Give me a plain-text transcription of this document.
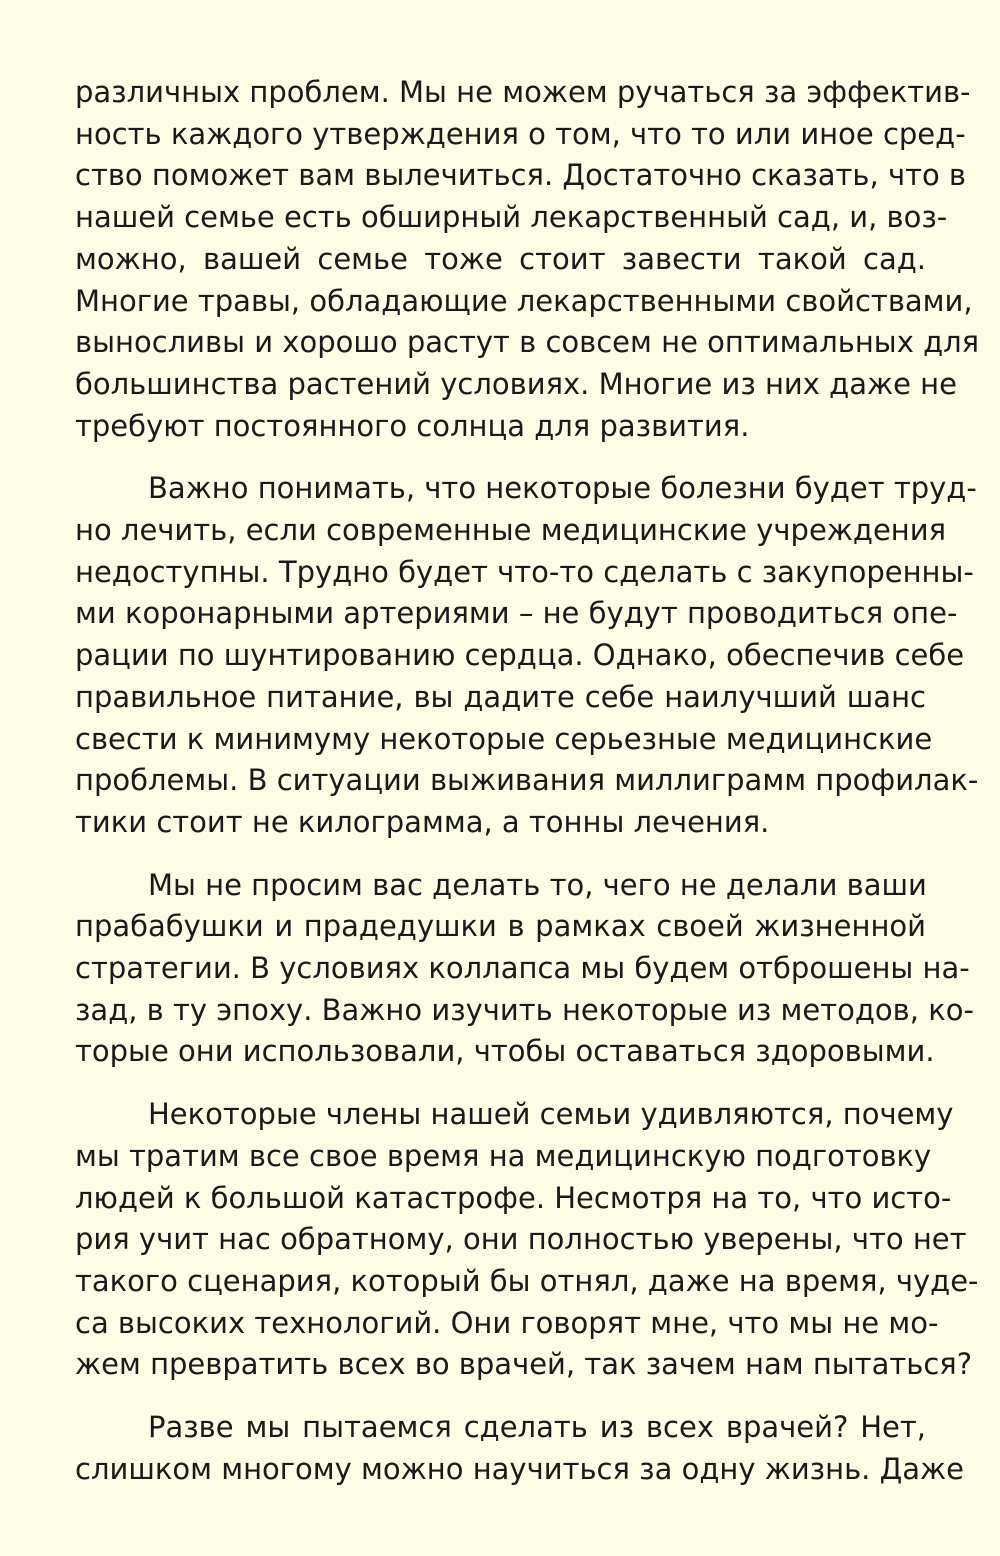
различных проблем. Мы не можем ручаться за эффектив-
ность каждого утверждения о том, что то или иное сред-
ство поможет вам вылечиться. Достаточно сказать, что в
нашей семье есть обширный лекарственный сад, и, воз-
можно, вашей семье тоже стоит завести такой сад.
Многие травы, обладающие лекарственными свойствами,
выносливы и хорошо растут в совсем не оптимальных для
большинства растений условиях. Многие из них даже не
требуют постоянного солнца для развития.
Важно понимать, что некоторые болезни будет труд-
но лечить, если современные медицинские учреждения
недоступны. Трудно будет что-то сделать с закупоренны-
ми коронарными артериями – не будут проводиться опе-
рации по шунтированию сердца. Однако, обеспечив себе
правильное питание, вы дадите себе наилучший шанс
свести к минимуму некоторые серьезные медицинские
проблемы. В ситуации выживания миллиграмм профилак-
тики стоит не килограмма, а тонны лечения.
Мы не просим вас делать то, чего не делали ваши
прабабушки и прадедушки в рамках своей жизненной
стратегии. В условиях коллапса мы будем отброшены на-
зад, в ту эпоху. Важно изучить некоторые из методов, ко-
торые они использовали, чтобы оставаться здоровыми.
Некоторые члены нашей семьи удивляются, почему
мы тратим все свое время на медицинскую подготовку
людей к большой катастрофе. Несмотря на то, что исто-
рия учит нас обратному, они полностью уверены, что нет
такого сценария, который бы отнял, даже на время, чуде-
са высоких технологий. Они говорят мне, что мы не мо-
жем превратить всех во врачей, так зачем нам пытаться?
Разве мы пытаемся сделать из всех врачей? Нет,
слишком многому можно научиться за одну жизнь. Даже
